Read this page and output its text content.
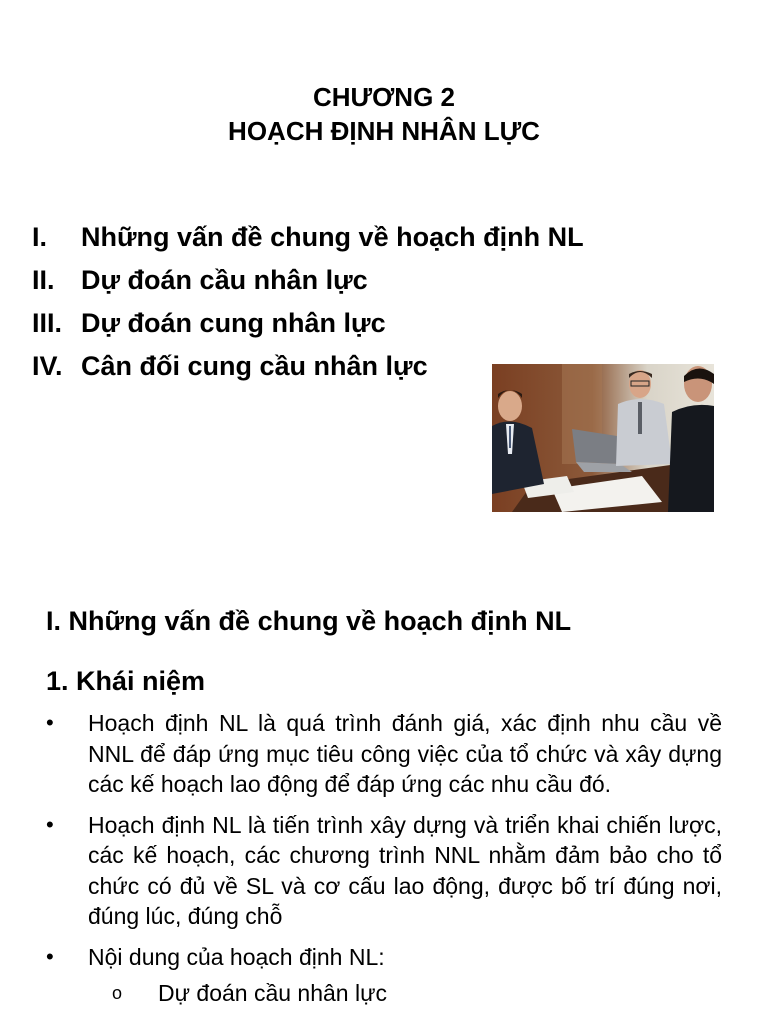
CHƯƠNG 2
HOẠCH ĐỊNH NHÂN LỰC
I.	Những vấn đề chung về hoạch định NL
II. Dự đoán cầu nhân lực
III. Dự đoán cung nhân lực
IV. Cân đối cung cầu nhân lực
I. Những vấn đề chung về hoạch định NL
1. Khái niệm
•	Hoạch định NL là quá trình đánh giá, xác định nhu cầu về NNL để đáp ứng mục tiêu công việc của tổ chức và xây dựng các kế hoạch lao động để đáp ứng các nhu cầu đó.
•	Hoạch định NL là tiến trình xây dựng và triển khai chiến lược, các kế hoạch, các chương trình NNL nhằm đảm bảo cho tổ chức có đủ về SL và cơ cấu lao động, được bố trí đúng nơi, đúng lúc, đúng chỗ
•	Nội dung của hoạch định NL:
o	Dự đoán cầu nhân lực
